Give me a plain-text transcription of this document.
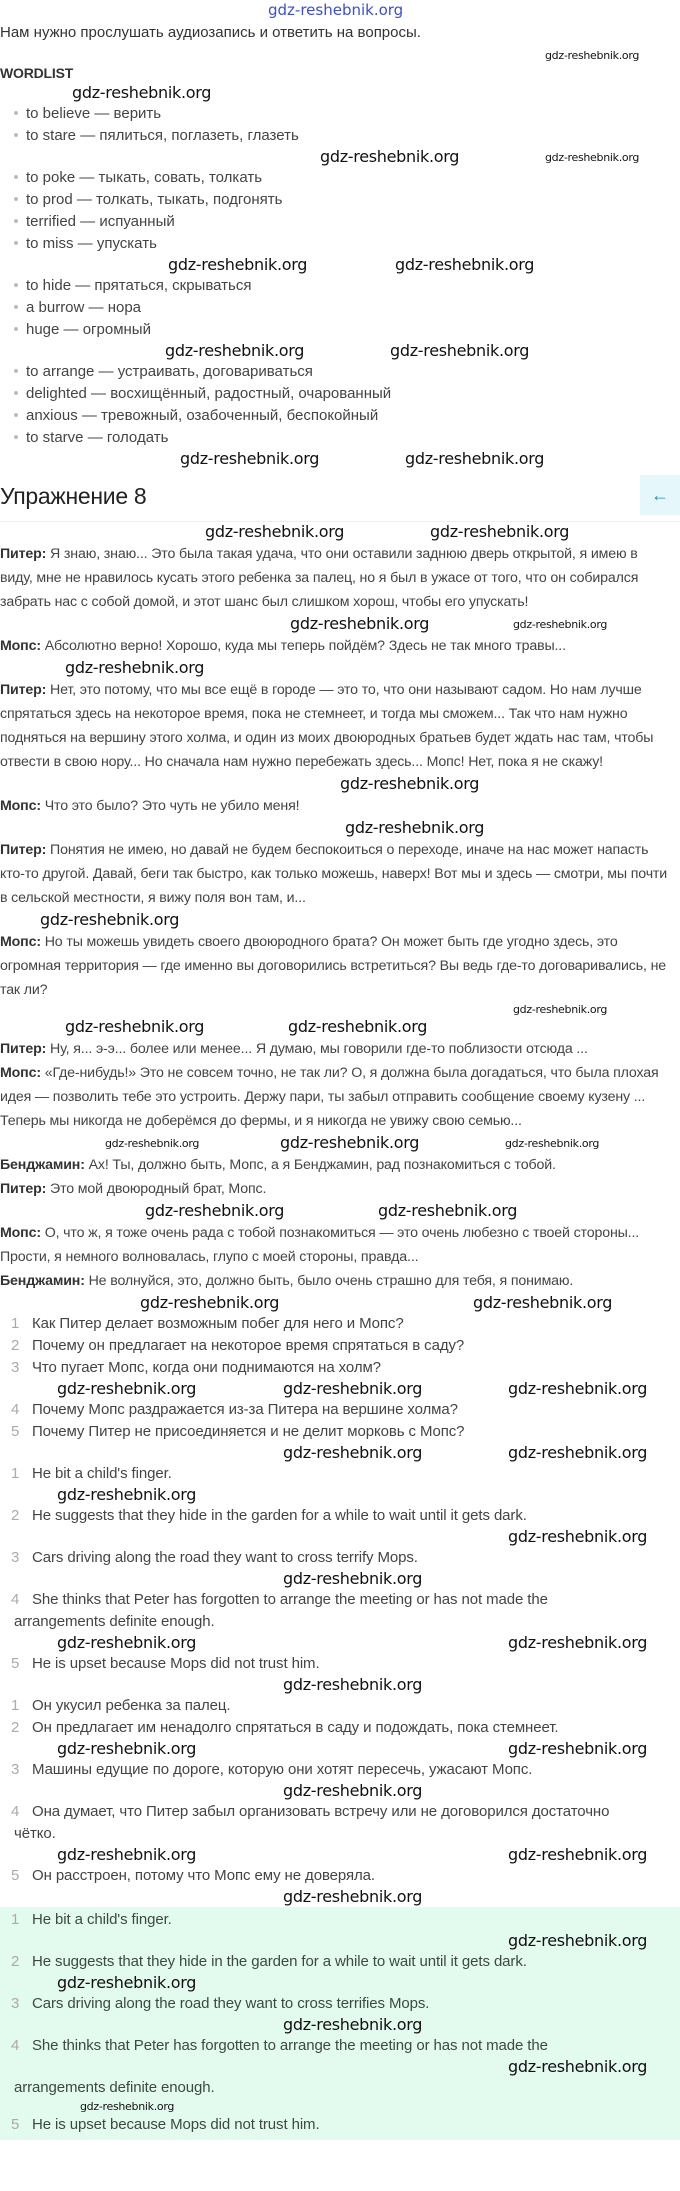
gdz-reshebnik.org
Нам нужно прослушать аудиозапись и ответить на вопросы.
gdz-reshebnik.org
WORDLIST
gdz-reshebnik.org
to believe — верить
to stare — пялиться, поглазеть, глазеть
gdz-reshebnik.org	gdz-reshebnik.org
to poke — тыкать, совать, толкать
to prod — толкать, тыкать, подгонять
terrified — испуанный
to miss — упускать
gdz-reshebnik.org	gdz-reshebnik.org
to hide — прятаться, скрываться
a burrow — нора
huge — огромный
gdz-reshebnik.org	gdz-reshebnik.org
to arrange — устраивать, договариваться
delighted — восхищённый, радостный, очарованный
anxious — тревожный, озабоченный, беспокойный
to starve — голодать
gdz-reshebnik.org	gdz-reshebnik.org
Упражнение 8	←
gdz-reshebnik.org	gdz-reshebnik.org

Питер: Я знаю, знаю... Это была такая удача, что они оставили заднюю дверь открытой, я имею в виду, мне не нравилось кусать этого ребенка за палец, но я был в ужасе от того, что он собирался забрать нас с собой домой, и этот шанс был слишком хорош, чтобы его упускать!

gdz-reshebnik.org	gdz-reshebnik.org

Мопс: Абсолютно верно! Хорошо, куда мы теперь пойдём? Здесь не так много травы...

gdz-reshebnik.org

Питер: Нет, это потому, что мы все ещё в городе — это то, что они называют садом. Но нам лучше спрятаться здесь на некоторое время, пока не стемнеет, и тогда мы сможем... Так что нам нужно подняться на вершину этого холма, и один из моих двоюродных братьев будет ждать нас там, чтобы отвести в свою нору... Но сначала нам нужно перебежать здесь... Мопс! Нет, пока я не скажу!

gdz-reshebnik.org

Мопс: Что это было? Это чуть не убило меня!

gdz-reshebnik.org

Питер: Понятия не имею, но давай не будем беспокоиться о переходе, иначе на нас может напасть кто-то другой. Давай, беги так быстро, как только можешь, наверх! Вот мы и здесь — смотри, мы почти в сельской местности, я вижу поля вон там, и...

gdz-reshebnik.org

Мопс: Но ты можешь увидеть своего двоюродного брата? Он может быть где угодно здесь, это огромная территория — где именно вы договорились встретиться? Вы ведь где-то договаривались, не так ли?

gdz-reshebnik.org
gdz-reshebnik.org	gdz-reshebnik.org

Питер: Ну, я... э-э... более или менее... Я думаю, мы говорили где-то поблизости отсюда ...

Мопс: «Где-нибудь!» Это не совсем точно, не так ли? О, я должна была догадаться, что была плохая идея — позволить тебе это устроить. Держу пари, ты забыл отправить сообщение своему кузену ... Теперь мы никогда не доберёмся до фермы, и я никогда не увижу свою семью...

gdz-reshebnik.org	gdz-reshebnik.org	gdz-reshebnik.org

Бенджамин: Ах! Ты, должно быть, Мопс, а я Бенджамин, рад познакомиться с тобой.

Питер: Это мой двоюродный брат, Мопс.

gdz-reshebnik.org	gdz-reshebnik.org

Мопс: О, что ж, я тоже очень рада с тобой познакомиться — это очень любезно с твоей стороны... Прости, я немного волновалась, глупо с моей стороны, правда...

Бенджамин: Не волнуйся, это, должно быть, было очень страшно для тебя, я понимаю.

gdz-reshebnik.org	gdz-reshebnik.org
1 Как Питер делает возможным побег для него и Мопс?
2 Почему он предлагает на некоторое время спрятаться в саду?
3 Что пугает Мопс, когда они поднимаются на холм?
gdz-reshebnik.org	gdz-reshebnik.org	gdz-reshebnik.org
4 Почему Мопс раздражается из-за Питера на вершине холма?
5 Почему Питер не присоединяется и не делит морковь с Мопс?
gdz-reshebnik.org	gdz-reshebnik.org
1 He bit a child's finger.
gdz-reshebnik.org
2 He suggests that they hide in the garden for a while to wait until it gets dark.
gdz-reshebnik.org
3 Cars driving along the road they want to cross terrify Mops.
gdz-reshebnik.org
4 She thinks that Peter has forgotten to arrange the meeting or has not made the
arrangements definite enough.
gdz-reshebnik.org	gdz-reshebnik.org
5 He is upset because Mops did not trust him.
gdz-reshebnik.org
1 Он укусил ребенка за палец.
2 Он предлагает им ненадолго спрятаться в саду и подождать, пока стемнеет.
gdz-reshebnik.org	gdz-reshebnik.org
3 Машины едущие по дороге, которую они хотят пересечь, ужасают Мопс.
gdz-reshebnik.org
4 Она думает, что Питер забыл организовать встречу или не договорился достаточно
чётко.
gdz-reshebnik.org	gdz-reshebnik.org
5 Он расстроен, потому что Мопс ему не доверяла.
gdz-reshebnik.org
1 He bit a child's finger.
gdz-reshebnik.org
2 He suggests that they hide in the garden for a while to wait until it gets dark.
gdz-reshebnik.org
3 Cars driving along the road they want to cross terrifies Mops.
gdz-reshebnik.org
4 She thinks that Peter has forgotten to arrange the meeting or has not made the
gdz-reshebnik.org
arrangements definite enough.
gdz-reshebnik.org
5 He is upset because Mops did not trust him.
